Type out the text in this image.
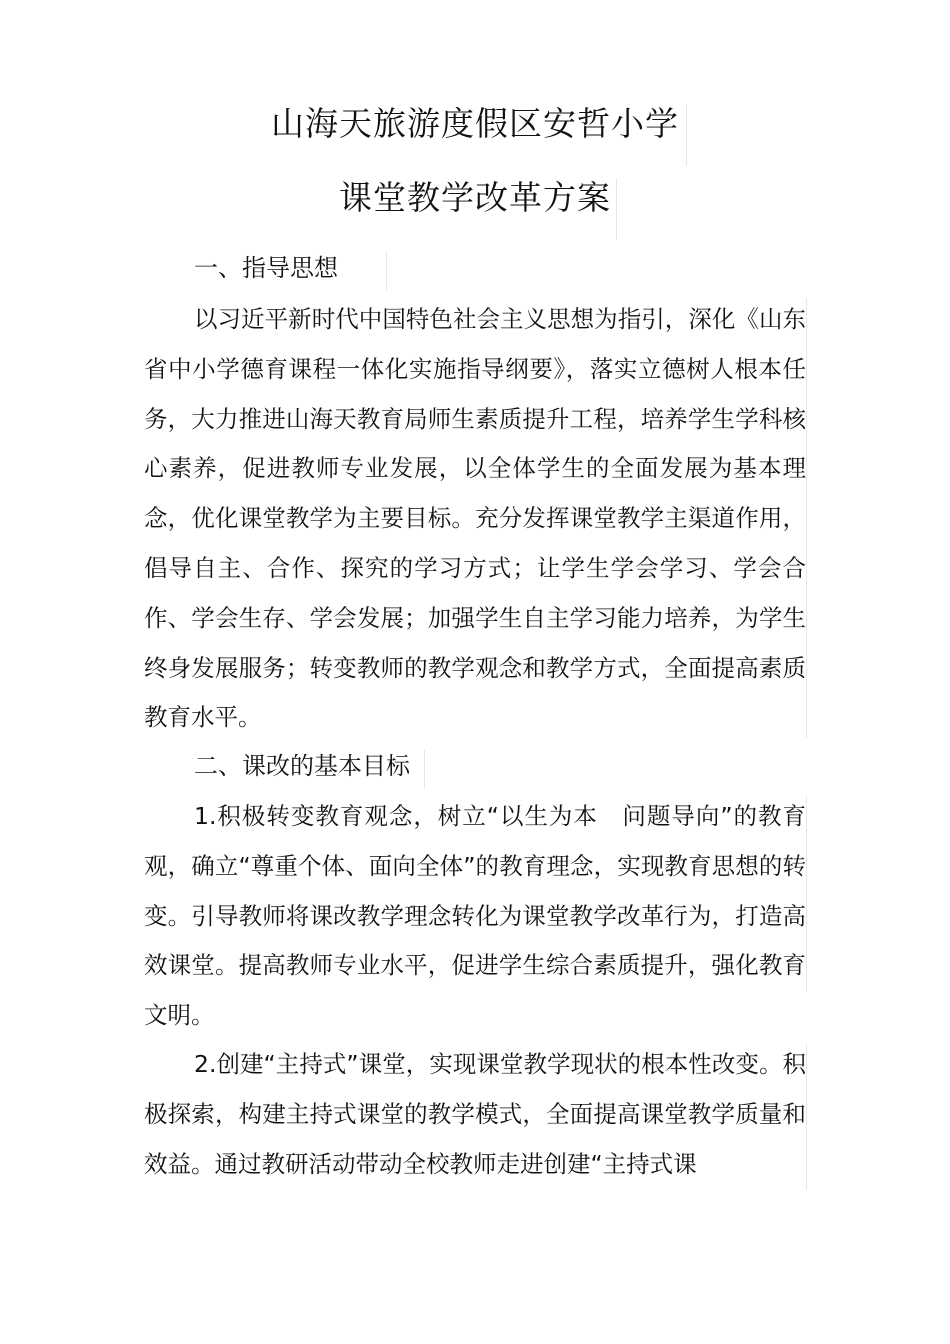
山海天旅游度假区安哲小学
课堂教学改革方案
一、指导思想

以习近平新时代中国特色社会主义思想为指引，深化《山东省中小学德育课程一体化实施指导纲要》，落实立德树人根本任务，大力推进山海天教育局师生素质提升工程，培养学生学科核心素养，促进教师专业发展，以全体学生的全面发展为基本理念，优化课堂教学为主要目标。充分发挥课堂教学主渠道作用，倡导自主、合作、探究的学习方式；让学生学会学习、学会合作、学会生存、学会发展；加强学生自主学习能力培养，为学生终身发展服务；转变教师的教学观念和教学方式，全面提高素质教育水平。

二、课改的基本目标

1.积极转变教育观念，树立“以生为本　问题导向”的教育观，确立“尊重个体、面向全体”的教育理念，实现教育思想的转变。引导教师将课改教学理念转化为课堂教学改革行为，打造高效课堂。提高教师专业水平，促进学生综合素质提升，强化教育文明。

2.创建“主持式”课堂，实现课堂教学现状的根本性改变。积极探索，构建主持式课堂的教学模式，全面提高课堂教学质量和效益。通过教研活动带动全校教师走进创建“主持式课
